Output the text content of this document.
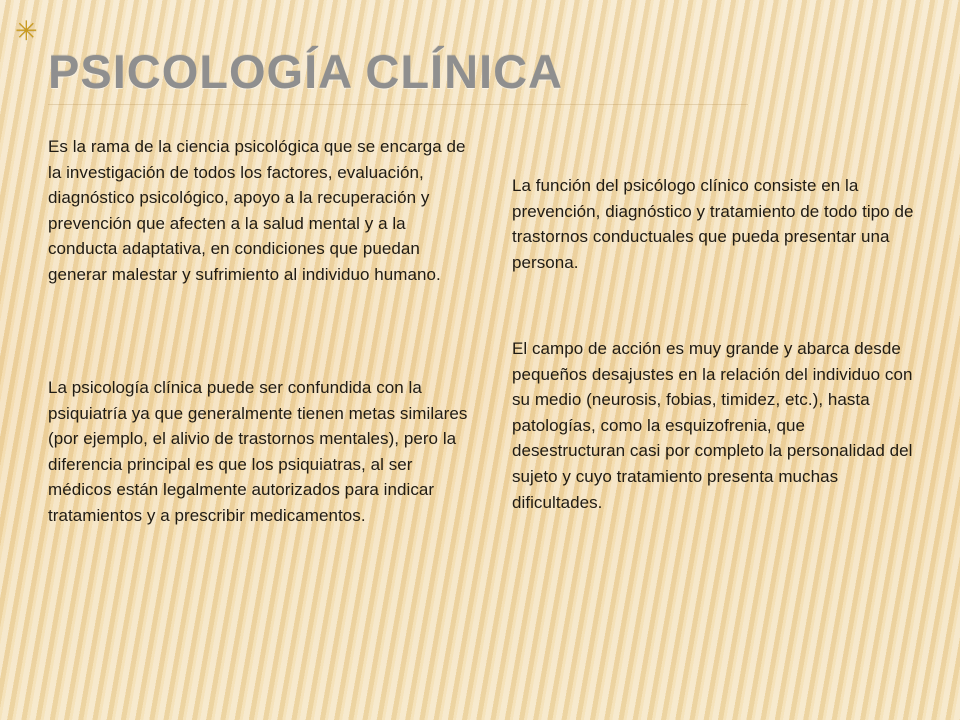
✳
PSICOLOGÍA CLÍNICA

Es la rama de la ciencia psicológica que se encarga de la investigación de todos los factores, evaluación, diagnóstico psicológico, apoyo a la recuperación y prevención que afecten a la salud mental y a la conducta adaptativa, en condiciones que puedan generar malestar y sufrimiento al individuo humano.

La psicología clínica puede ser confundida con la psiquiatría ya que generalmente tienen metas similares (por ejemplo, el alivio de trastornos mentales), pero la diferencia principal es que los psiquiatras, al ser médicos están legalmente autorizados para indicar tratamientos y a prescribir medicamentos.

La función del psicólogo clínico consiste en la prevención, diagnóstico y tratamiento de todo tipo de trastornos conductuales que pueda presentar una persona.

El campo de acción es muy grande y abarca desde pequeños desajustes en la relación del individuo con su medio (neurosis, fobias, timidez, etc.), hasta patologías, como la esquizofrenia, que desestructuran casi por completo la personalidad del sujeto y cuyo tratamiento presenta muchas dificultades.
